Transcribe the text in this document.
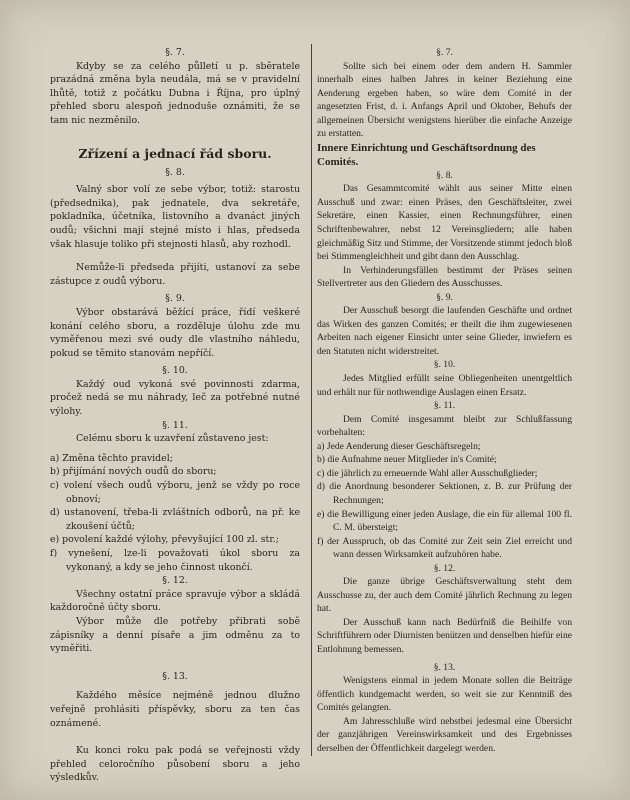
§. 7.

Kdyby se za celého půlletí u p. sběratele prazádná změna byla neudála, má se v pravidelní lhůtě, totiž z počátku Dubna i Října, pro úplný přehled sboru alespoň jednoduše oznámiti, že se tam nic nezměnilo.

Zřízení a jednací řád sboru.

§. 8.

Valný sbor volí ze sebe výbor, totiž: starostu (předsednika), pak jednatele, dva sekretáře, pokladníka, účetníka, listovního a dvanáct jiných oudů; všichni mají stejné místo i hlas, předseda však hlasuje toliko při stejnosti hlasů, aby rozhodl.

Nemůže-li předseda přijíti, ustanoví za sebe zástupce z oudů výboru.

§. 9.

Výbor obstarává běžící práce, řídí veškeré konání celého sboru, a rozděluje úlohu zde mu vyměřenou mezi své oudy dle vlastního náhledu, pokud se těmito stanovám nepříčí.

§. 10.

Každý oud vykoná své povinnosti zdarma, pročež nedá se mu náhrady, leč za potřebné nutné výlohy.

§. 11.

Celému sboru k uzavření zůstaveno jest:

a) Změna těchto pravidel;

b) přijímání nových oudů do sboru;

c) volení všech oudů výboru, jenž se vždy po roce obnoví;

d) ustanovení, třeba-li zvláštních odborů, na př. ke zkoušení účtů;

e) povolení každé výlohy, převyšující 100 zl. str.;

f) vynešení, lze-li považovati úkol sboru za vykonaný, a kdy se jeho činnost ukončí.

§. 12.

Všechny ostatní práce spravuje výbor a skládá každoročně účty sboru.

Výbor může dle potřeby přibrati sobě zápisníky a denní písaře a jim odměnu za to vyměřiti.

§. 13.

Každého měsíce nejméně jednou dlužno veřejně prohlásiti příspěvky, sboru za ten čas oznámené.

Ku konci roku pak podá se veřejnosti vždy přehled celoročního působení sboru a jeho výsledkův.

§. 7.

Sollte sich bei einem oder dem andern H. Sammler innerhalb eines halben Jahres in keiner Beziehung eine Aenderung ergeben haben, so wäre dem Comité in der angesetzten Frist, d. i. Anfangs April und Oktober, Behufs der allgemeinen Übersicht wenigstens hierüber die einfache Anzeige zu erstatten.

Innere Einrichtung und Geschäftsordnung des Comités.

§. 8.

Das Gesammtcomité wählt aus seiner Mitte einen Ausschuß und zwar: einen Präses, den Geschäftsleiter, zwei Sekretäre, einen Kassier, einen Rechnungsführer, einen Schriftenbewahrer, nebst 12 Vereinsgliedern; alle haben gleichmäßig Sitz und Stimme, der Vorsitzende stimmt jedoch bloß bei Stimmengleichheit und gibt dann den Ausschlag.

In Verhinderungsfällen bestimmt der Präses seinen Stellvertreter aus den Gliedern des Ausschusses.

§. 9.

Der Ausschuß besorgt die laufenden Geschäfte und ordnet das Wirken des ganzen Comités; er theilt die ihm zugewiesenen Arbeiten nach eigener Einsicht unter seine Glieder, inwiefern es den Statuten nicht widerstreitet.

§. 10.

Jedes Mitglied erfüllt seine Obliegenheiten unentgeltlich und erhält nur für nothwendige Auslagen einen Ersatz.

§. 11.

Dem Comité insgesammt bleibt zur Schlußfassung vorbehalten:

a) Jede Aenderung dieser Geschäftsregeln;

b) die Aufnahme neuer Mitglieder in's Comité;

c) die jährlich zu erneuernde Wahl aller Ausschußglieder;

d) die Anordnung besonderer Sektionen, z. B. zur Prüfung der Rechnungen;

e) die Bewilligung einer jeden Auslage, die ein für allemal 100 fl. C. M. übersteigt;

f) der Ausspruch, ob das Comité zur Zeit sein Ziel erreicht und wann dessen Wirksamkeit aufzuhören habe.

§. 12.

Die ganze übrige Geschäftsverwaltung steht dem Ausschusse zu, der auch dem Comité jährlich Rechnung zu legen hat.

Der Ausschuß kann nach Bedürfniß die Beihilfe von Schriftführern oder Diurnisten benützen und denselben hiefür eine Entlohnung bemessen.

§. 13.

Wenigstens einmal in jedem Monate sollen die Beiträge öffentlich kundgemacht werden, so weit sie zur Kenntniß des Comités gelangten.

Am Jahresschluße wird nebstbei jedesmal eine Übersicht der ganzjährigen Vereinswirksamkeit und des Ergebnisses derselben der Öffentlichkeit dargelegt werden.
